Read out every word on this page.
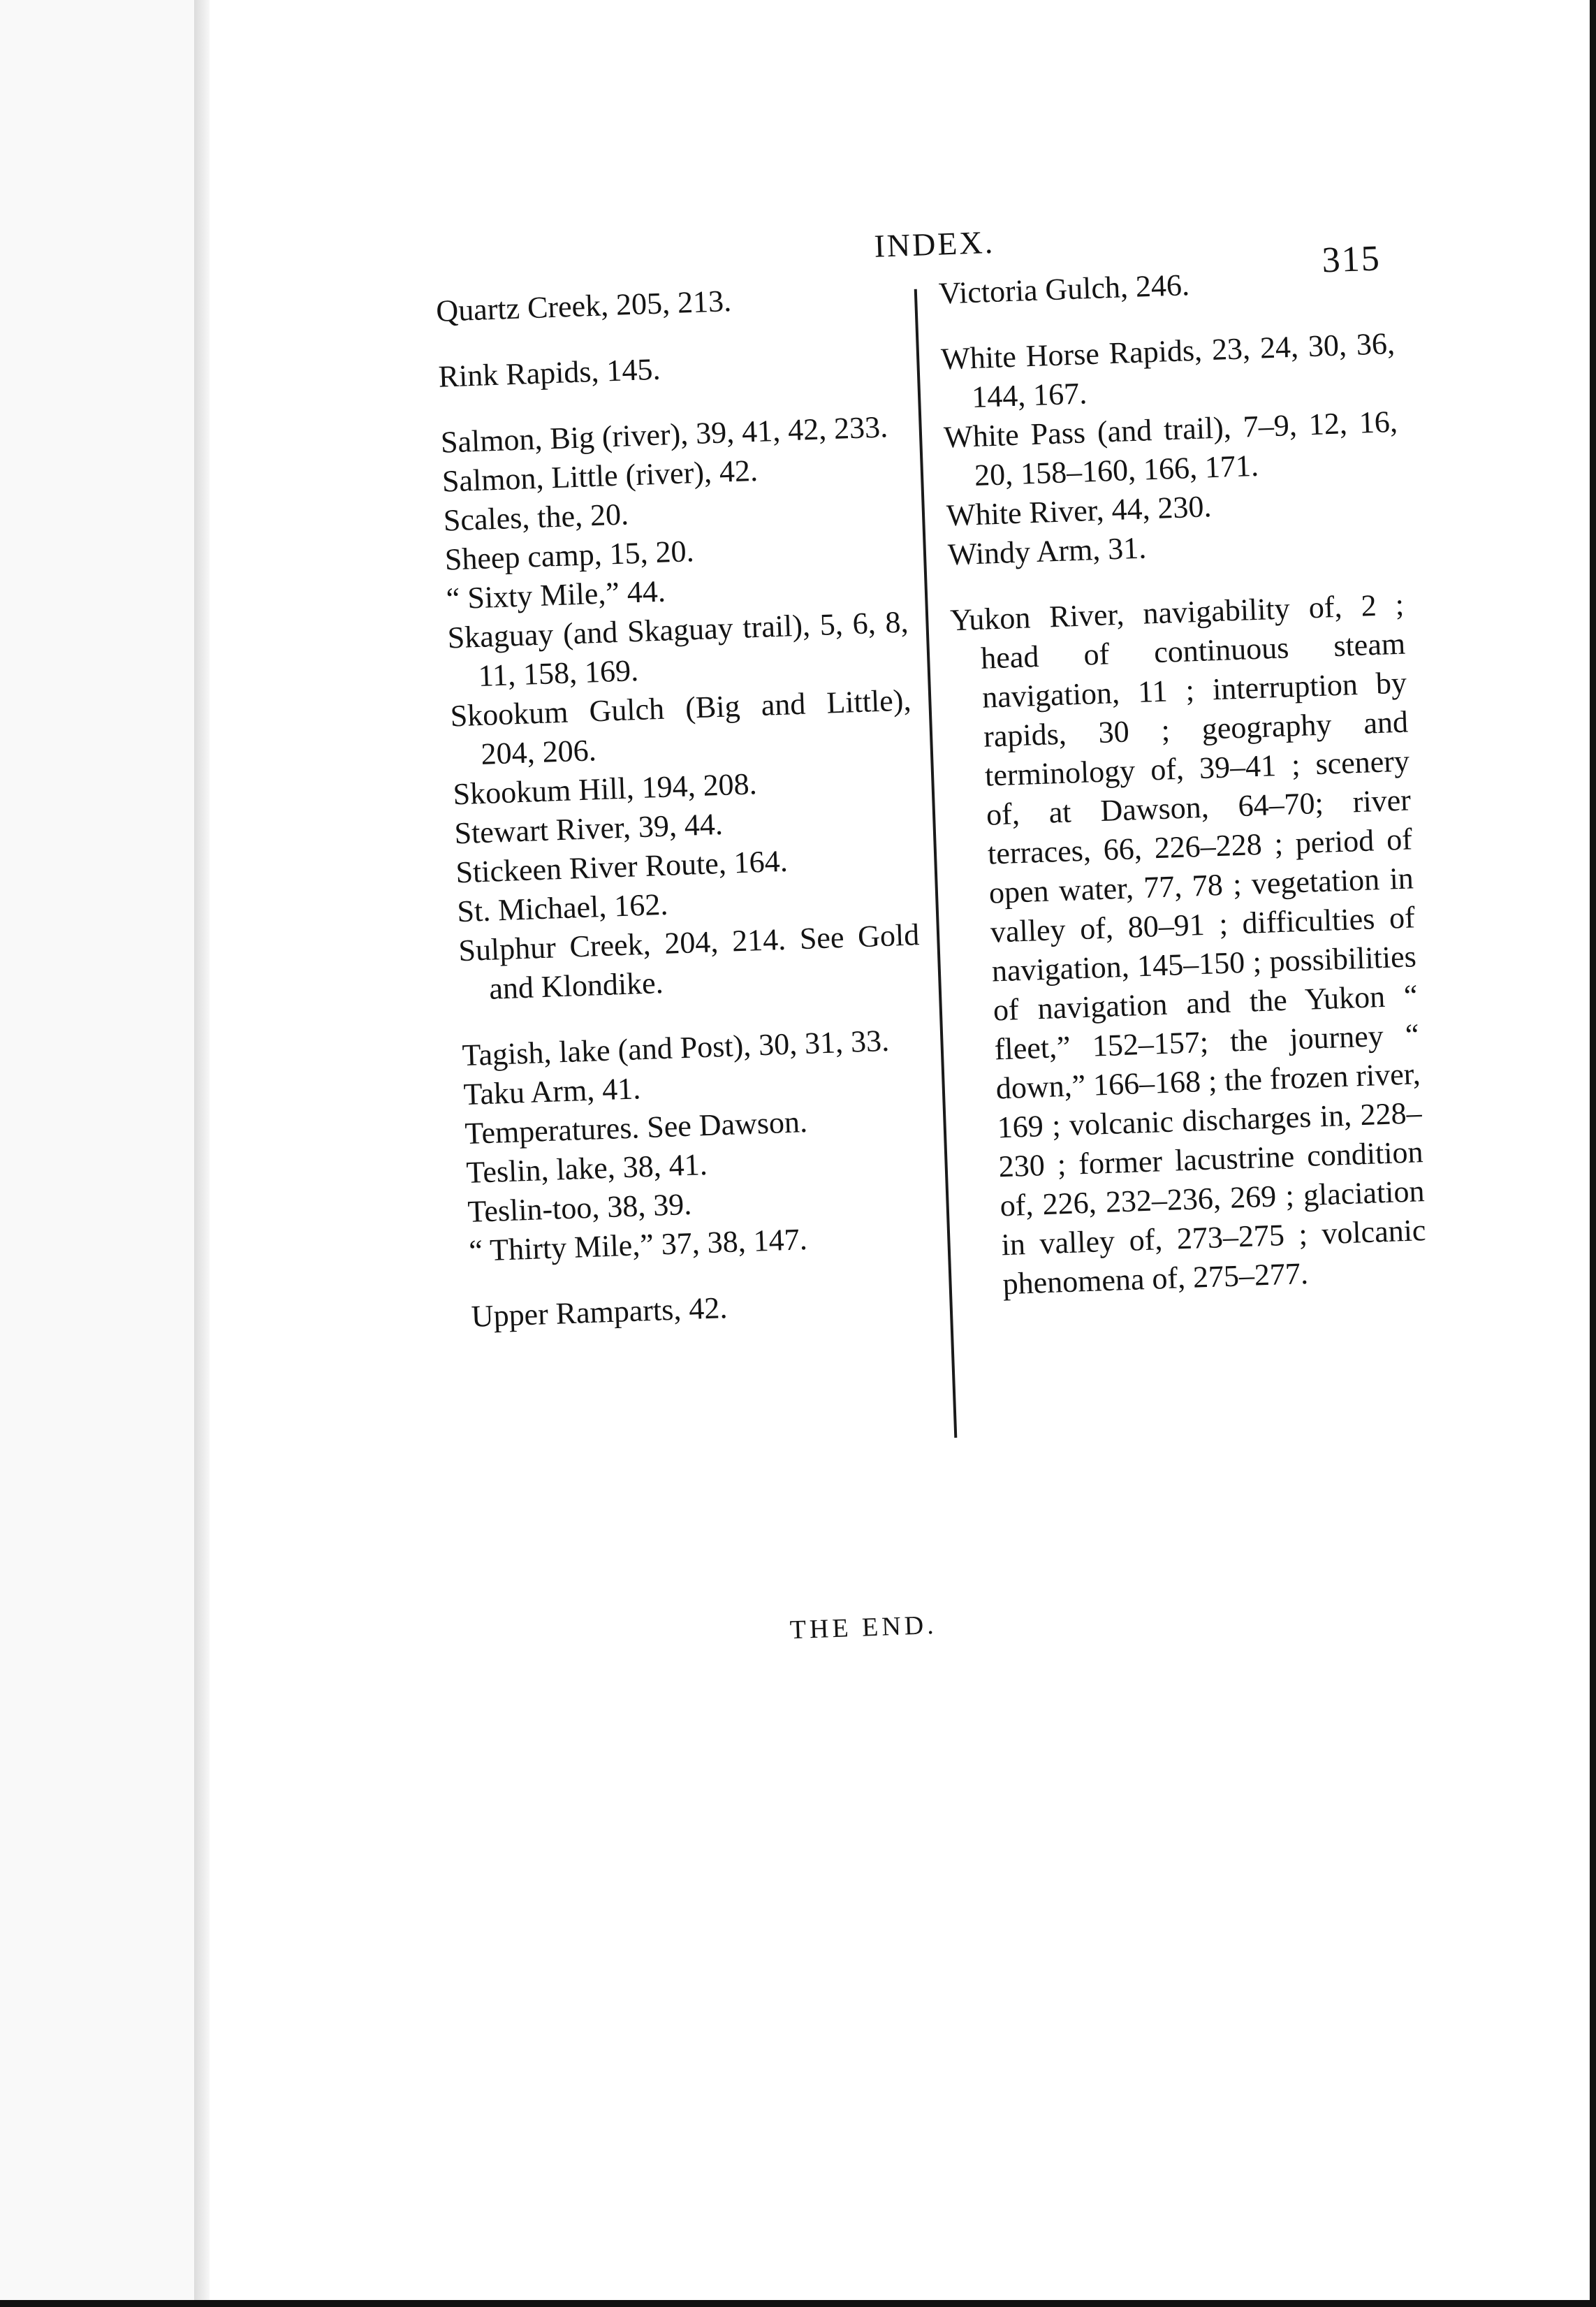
INDEX.	315

Quartz Creek, 205, 213.

Rink Rapids, 145.

Salmon, Big (river), 39, 41, 42, 233.

Salmon, Little (river), 42.

Scales, the, 20.

Sheep camp, 15, 20.

“ Sixty Mile,” 44.

Skaguay (and Skaguay trail), 5, 6, 8, 11, 158, 169.

Skookum Gulch (Big and Little), 204, 206.

Skookum Hill, 194, 208.

Stewart River, 39, 44.

Stickeen River Route, 164.

St. Michael, 162.

Sulphur Creek, 204, 214. See Gold and Klondike.

Tagish, lake (and Post), 30, 31, 33.

Taku Arm, 41.

Temperatures. See Dawson.

Teslin, lake, 38, 41.

Teslin-too, 38, 39.

“ Thirty Mile,” 37, 38, 147.

Upper Ramparts, 42.

Victoria Gulch, 246.

White Horse Rapids, 23, 24, 30, 36, 144, 167.

White Pass (and trail), 7–9, 12, 16, 20, 158–160, 166, 171.

White River, 44, 230.

Windy Arm, 31.

Yukon River, navigability of, 2 ; head of continuous steam navigation, 11 ; interruption by rapids, 30 ; geography and terminology of, 39–41 ; scenery of, at Dawson, 64–70; river terraces, 66, 226–228 ; period of open water, 77, 78 ; vegetation in valley of, 80–91 ; difficulties of navigation, 145–150 ; possibilities of navigation and the Yukon “ fleet,” 152–157; the journey “ down,” 166–168 ; the frozen river, 169 ; volcanic discharges in, 228–230 ; former lacustrine condition of, 226, 232–236, 269 ; glaciation in valley of, 273–275 ; volcanic phenomena of, 275–277.

THE END.
